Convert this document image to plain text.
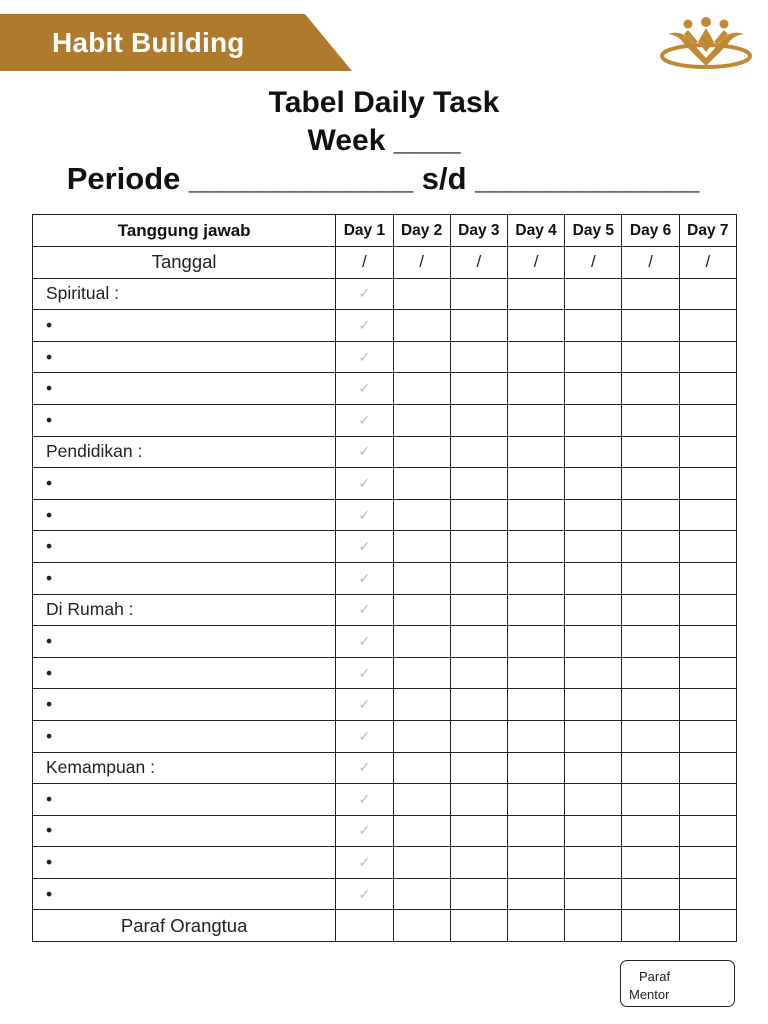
Habit Building
Tabel Daily Task
Week ____
Periode _____________ s/d _____________
Tanggung jawab	Day 1	Day 2	Day 3	Day 4	Day 5	Day 6	Day 7
Tanggal	/	/	/	/	/	/	/
Spiritual :	✓						
•	✓						
•	✓						
•	✓						
•	✓						
Pendidikan :	✓						
•	✓						
•	✓						
•	✓						
•	✓						
Di Rumah :	✓						
•	✓						
•	✓						
•	✓						
•	✓						
Kemampuan :	✓						
•	✓						
•	✓						
•	✓						
•	✓						
Paraf Orangtua							
Paraf
Mentor
